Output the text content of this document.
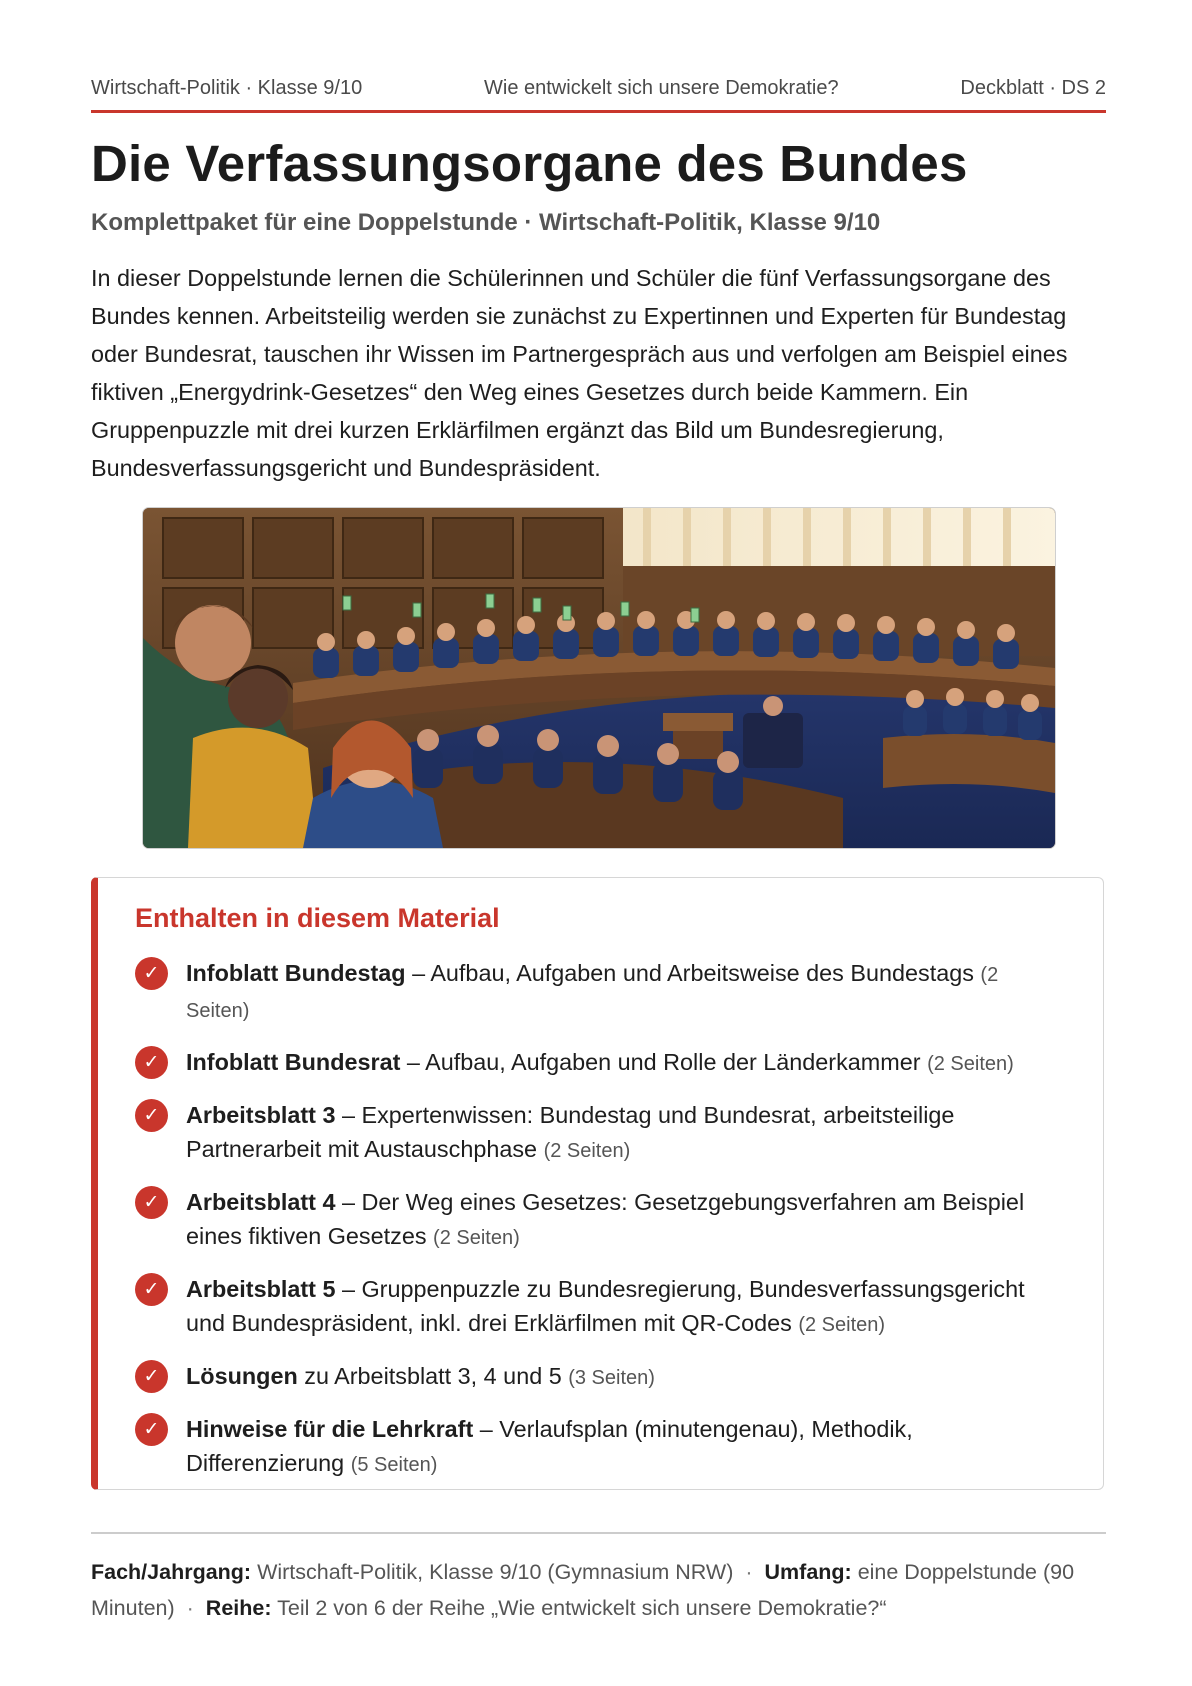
Wirtschaft-Politik · Klasse 9/10	Wie entwickelt sich unsere Demokratie?	Deckblatt · DS 2
Die Verfassungsorgane des Bundes

Komplettpaket für eine Doppelstunde · Wirtschaft-Politik, Klasse 9/10

In dieser Doppelstunde lernen die Schülerinnen und Schüler die fünf Verfassungsorgane des Bundes kennen. Arbeitsteilig werden sie zunächst zu Expertinnen und Experten für Bundestag oder Bundesrat, tauschen ihr Wissen im Partnergespräch aus und verfolgen am Beispiel eines fiktiven „Energydrink-Gesetzes“ den Weg eines Gesetzes durch beide Kammern. Ein Gruppenpuzzle mit drei kurzen Erklärfilmen ergänzt das Bild um Bundesregierung, Bundesverfassungsgericht und Bundespräsident.

Enthalten in diesem Material
✓	Infoblatt Bundestag – Aufbau, Aufgaben und Arbeitsweise des Bundestags (2 Seiten)
✓	Infoblatt Bundesrat – Aufbau, Aufgaben und Rolle der Länderkammer (2 Seiten)
✓	Arbeitsblatt 3 – Expertenwissen: Bundestag und Bundesrat, arbeitsteilige Partnerarbeit mit Austauschphase (2 Seiten)
✓	Arbeitsblatt 4 – Der Weg eines Gesetzes: Gesetzgebungsverfahren am Beispiel eines fiktiven Gesetzes (2 Seiten)
✓	Arbeitsblatt 5 – Gruppenpuzzle zu Bundesregierung, Bundesverfassungsgericht und Bundespräsident, inkl. drei Erklärfilmen mit QR-Codes (2 Seiten)
✓	Lösungen zu Arbeitsblatt 3, 4 und 5 (3 Seiten)
✓	Hinweise für die Lehrkraft – Verlaufsplan (minutengenau), Methodik, Differenzierung (5 Seiten)
Fach/Jahrgang: Wirtschaft-Politik, Klasse 9/10 (Gymnasium NRW) · Umfang: eine Doppelstunde (90 Minuten) · Reihe: Teil 2 von 6 der Reihe „Wie entwickelt sich unsere Demokratie?“
